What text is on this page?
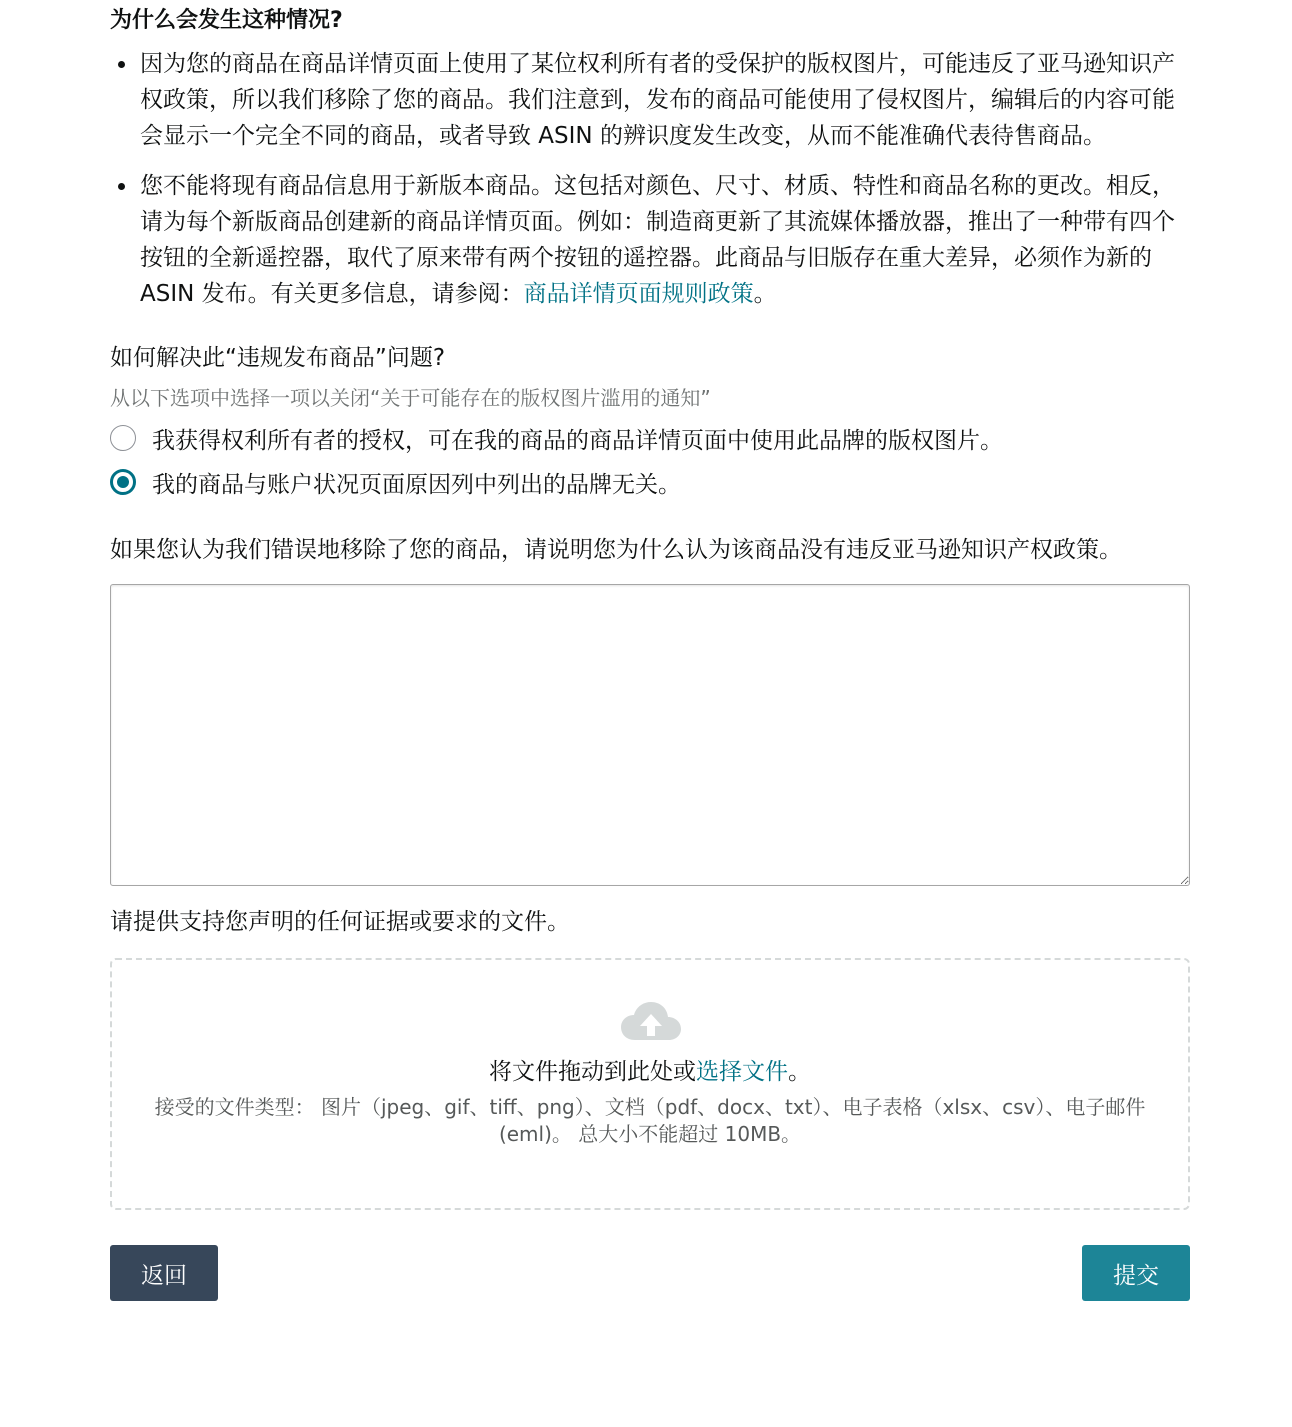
为什么会发生这种情况?
因为您的商品在商品详情页面上使用了某位权利所有者的受保护的版权图片，可能违反了亚马逊知识产权政策，所以我们移除了您的商品。我们注意到，发布的商品可能使用了侵权图片，编辑后的内容可能会显示一个完全不同的商品，或者导致 ASIN 的辨识度发生改变，从而不能准确代表待售商品。
您不能将现有商品信息用于新版本商品。这包括对颜色、尺寸、材质、特性和商品名称的更改。相反，请为每个新版商品创建新的商品详情页面。例如：制造商更新了其流媒体播放器，推出了一种带有四个按钮的全新遥控器，取代了原来带有两个按钮的遥控器。此商品与旧版存在重大差异，必须作为新的 ASIN 发布。有关更多信息，请参阅：商品详情页面规则政策。
如何解决此“违规发布商品”问题?
从以下选项中选择一项以关闭“关于可能存在的版权图片滥用的通知”
我获得权利所有者的授权，可在我的商品的商品详情页面中使用此品牌的版权图片。
我的商品与账户状况页面原因列中列出的品牌无关。
如果您认为我们错误地移除了您的商品，请说明您为什么认为该商品没有违反亚马逊知识产权政策。
请提供支持您声明的任何证据或要求的文件。
将文件拖动到此处或选择文件。
接受的文件类型： 图片（jpeg、gif、tiff、png）、文档（pdf、docx、txt）、电子表格（xlsx、csv）、电子邮件 (eml)。 总大小不能超过 10MB。
返回	提交
